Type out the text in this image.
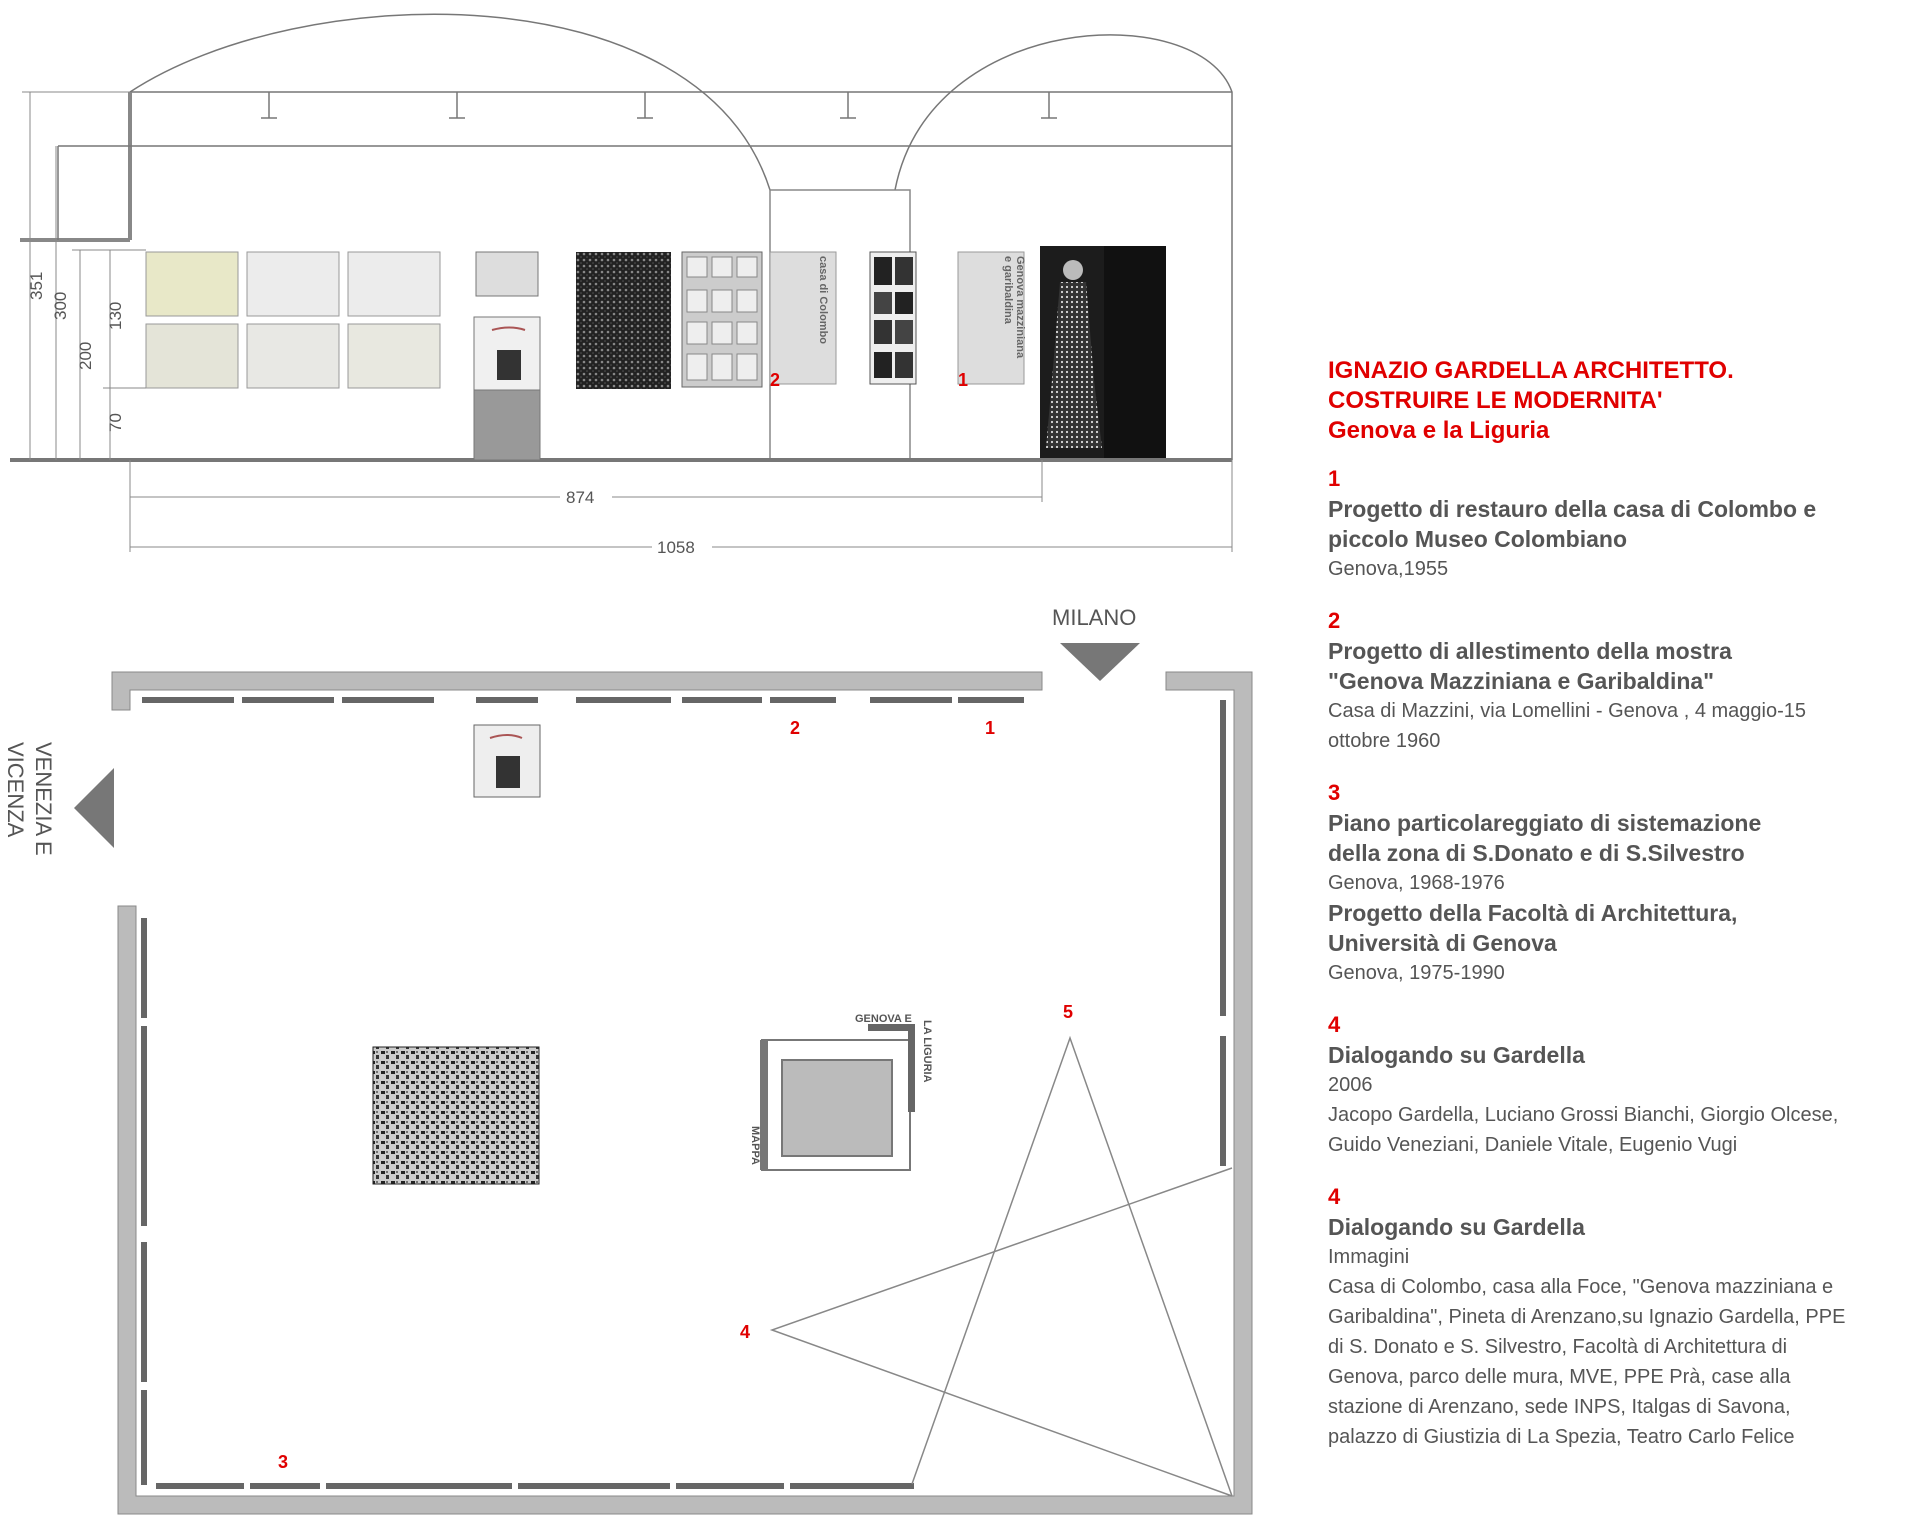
casa di Colombo	Genova mazziniana
e garibaldina
2	1
351
300
200
130
70
874
1058
GENOVA E
LA LIGURIA
MAPPA
MILANO
VENEZIA E
VICENZA
2	1
5
4
3
IGNAZIO GARDELLA ARCHITETTO.
COSTRUIRE LE MODERNITA'
Genova e la Liguria
1
Progetto di restauro della casa di Colombo e
piccolo Museo Colombiano
Genova,1955
2
Progetto di allestimento della mostra
"Genova Mazziniana e Garibaldina"
Casa di Mazzini, via Lomellini - Genova , 4 maggio-15
ottobre 1960
3
Piano particolareggiato di sistemazione
della zona di S.Donato e di S.Silvestro
Genova, 1968-1976
Progetto della Facoltà di Architettura,
Università di Genova
Genova, 1975-1990
4
Dialogando su Gardella
2006
Jacopo Gardella, Luciano Grossi Bianchi, Giorgio Olcese,
Guido Veneziani, Daniele Vitale, Eugenio Vugi
4
Dialogando su Gardella
Immagini
Casa di Colombo, casa alla Foce, "Genova mazziniana e
Garibaldina", Pineta di Arenzano,su Ignazio Gardella, PPE
di S. Donato e S. Silvestro, Facoltà di Architettura di
Genova, parco delle mura, MVE, PPE Prà, case alla
stazione di Arenzano, sede INPS, Italgas di Savona,
palazzo di Giustizia di La Spezia, Teatro Carlo Felice
